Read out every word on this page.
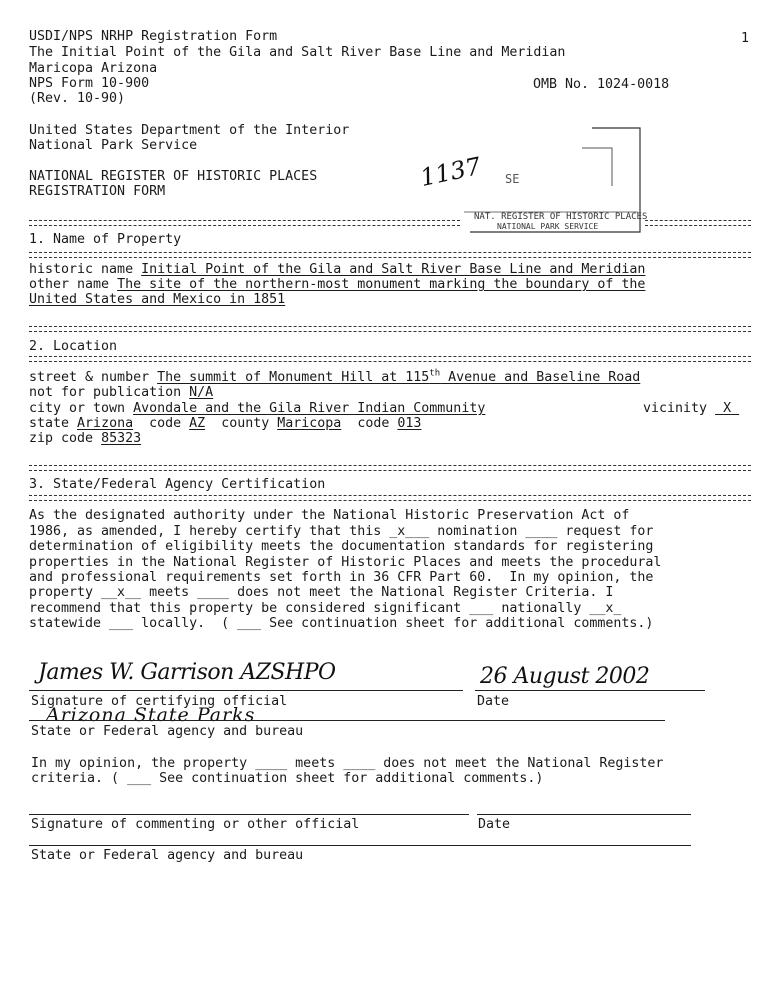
USDI/NPS NRHP Registration Form	1
The Initial Point of the Gila and Salt River Base Line and Meridian
Maricopa Arizona
NPS Form 10-900	OMB No. 1024-0018
(Rev. 10-90)
United States Department of the Interior
National Park Service
NATIONAL REGISTER OF HISTORIC PLACES
REGISTRATION FORM	1137 SE
NAT. REGISTER OF HISTORIC PLACES
NATIONAL PARK SERVICE
1. Name of Property
historic name Initial Point of the Gila and Salt River Base Line and Meridian
other name The site of the northern-most monument marking the boundary of the
United States and Mexico in 1851
2. Location
street & number The summit of Monument Hill at 115th Avenue and Baseline Road
not for publication N/A
city or town Avondale and the Gila River Indian Community	vicinity X
state Arizona code AZ county Maricopa code 013
zip code 85323
3. State/Federal Agency Certification
As the designated authority under the National Historic Preservation Act of
1986, as amended, I hereby certify that this _x___ nomination ____ request for
determination of eligibility meets the documentation standards for registering
properties in the National Register of Historic Places and meets the procedural
and professional requirements set forth in 36 CFR Part 60.  In my opinion, the
property __x__ meets ____ does not meet the National Register Criteria. I
recommend that this property be considered significant ___ nationally __x_
statewide ___ locally.  ( ___ See continuation sheet for additional comments.)
James W. Garrison AZSHPO	26 August 2002
Signature of certifying official	Date
Arizona State Parks
State or Federal agency and bureau
In my opinion, the property ____ meets ____ does not meet the National Register
criteria. ( ___ See continuation sheet for additional comments.)
Signature of commenting or other official	Date
State or Federal agency and bureau
